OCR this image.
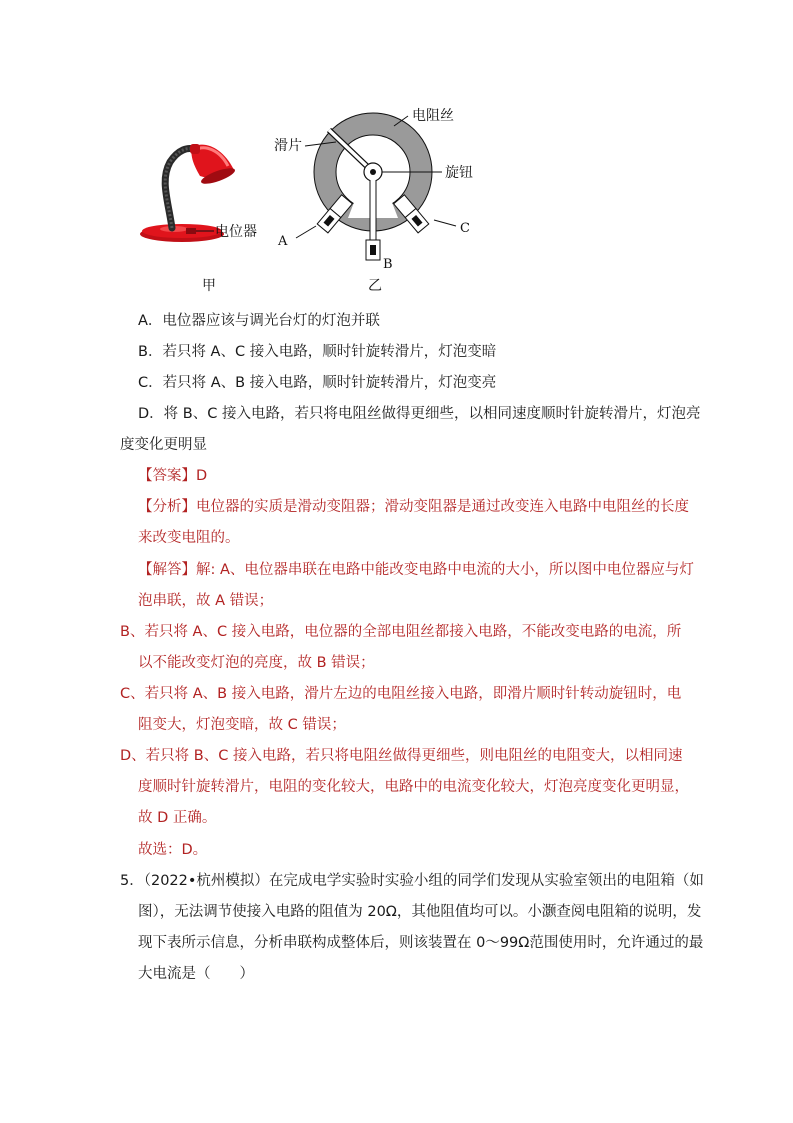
电位器
甲
电阻丝
滑片
旋钮
A
B
C
乙
A．电位器应该与调光台灯的灯泡并联
B．若只将 A、C 接入电路，顺时针旋转滑片，灯泡变暗
C．若只将 A、B 接入电路，顺时针旋转滑片，灯泡变亮
D．将 B、C 接入电路，若只将电阻丝做得更细些，以相同速度顺时针旋转滑片，灯泡亮
度变化更明显
【答案】D
【分析】电位器的实质是滑动变阻器；滑动变阻器是通过改变连入电路中电阻丝的长度
来改变电阻的。
【解答】解: A、电位器串联在电路中能改变电路中电流的大小，所以图中电位器应与灯
泡串联，故 A 错误；
B、若只将 A、C 接入电路，电位器的全部电阻丝都接入电路，不能改变电路的电流，所
以不能改变灯泡的亮度，故 B 错误；
C、若只将 A、B 接入电路，滑片左边的电阻丝接入电路，即滑片顺时针转动旋钮时，电
阻变大，灯泡变暗，故 C 错误；
D、若只将 B、C 接入电路，若只将电阻丝做得更细些，则电阻丝的电阻变大，以相同速
度顺时针旋转滑片，电阻的变化较大，电路中的电流变化较大，灯泡亮度变化更明显，
故 D 正确。
故选：D。
5．（2022•杭州模拟）在完成电学实验时实验小组的同学们发现从实验室领出的电阻箱（如
图），无法调节使接入电路的阻值为 20Ω，其他阻值均可以。小灏查阅电阻箱的说明，发
现下表所示信息，分析串联构成整体后，则该装置在 0～99Ω范围使用时，允许通过的最
大电流是（　　）
